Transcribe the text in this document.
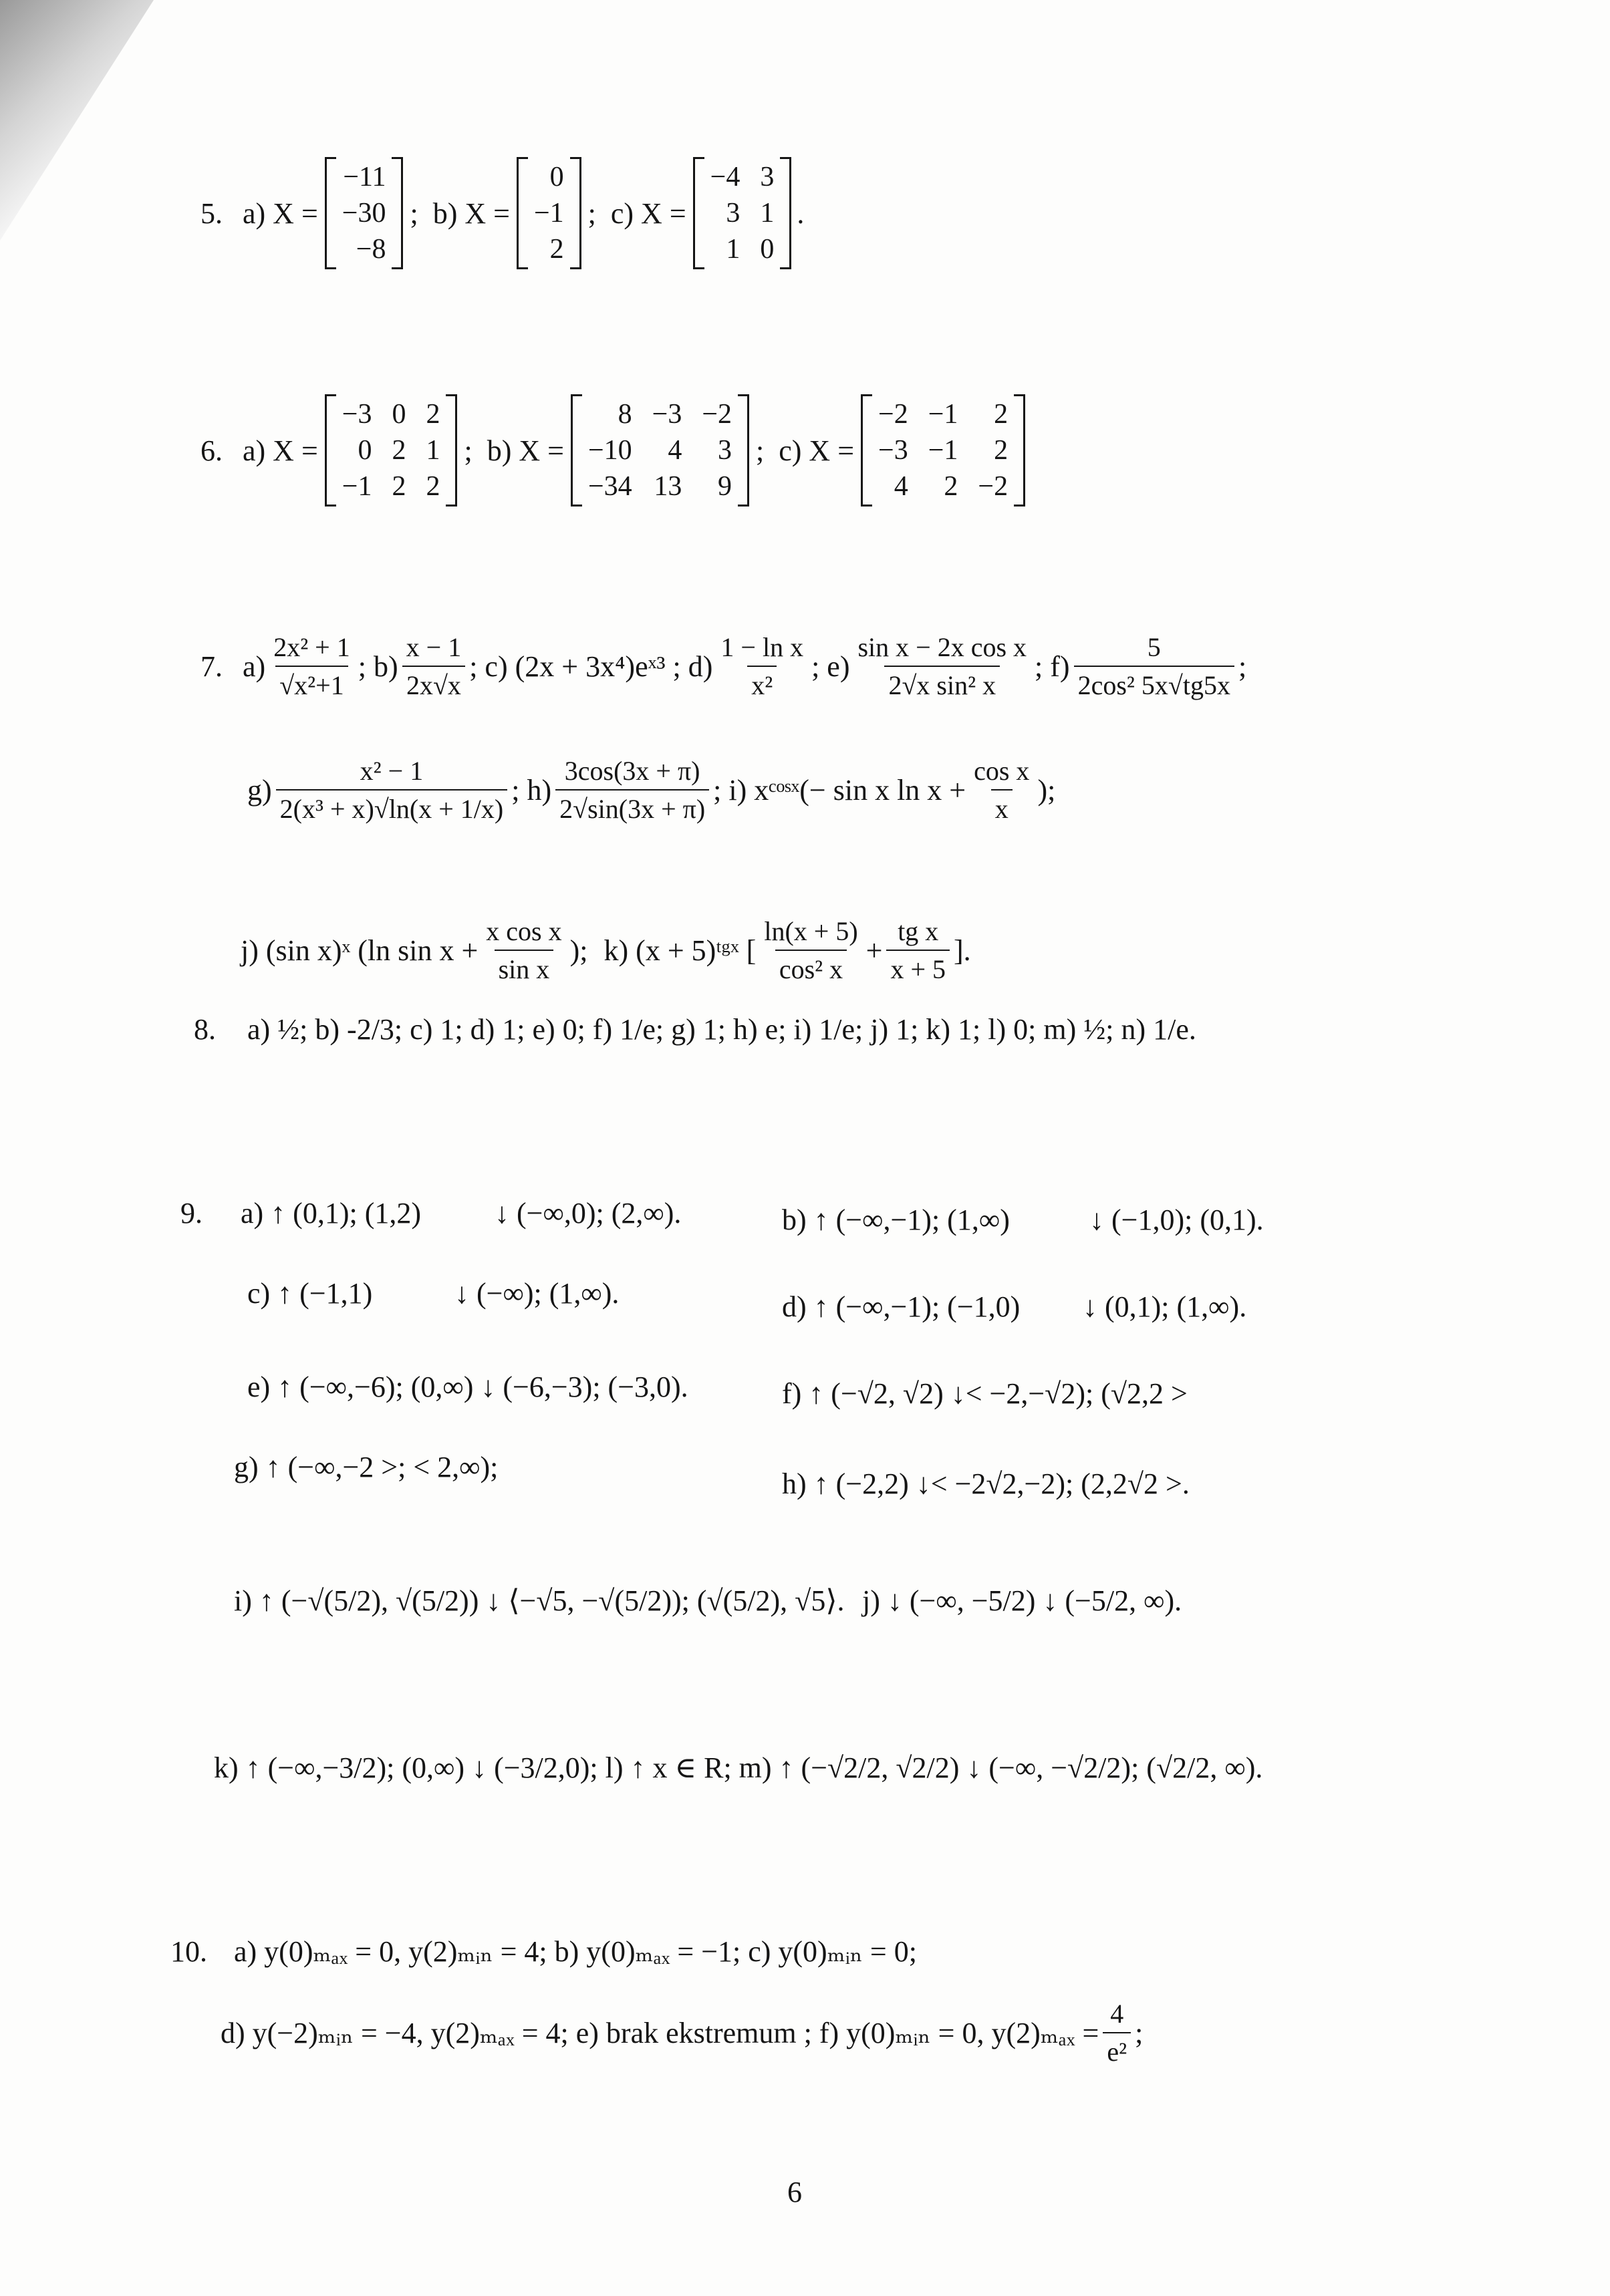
5. a) X =
−11
−30
−8
; b) X =
0
−1
2
; c) X =
−4 3
3 1
1 0
.
6. a) X =
−3 0 2
0 2 1
−1 2 2
; b) X =
8 −3 −2
−10	4	3
−34 13	9
; c) X =
−2 −1	2
−3 −1	2
4	2 −2
7. $a) \frac{\text{2x² + 1}}{\text{√x²+1}}$ ; $b) \frac{x - 1}{2x√x}$ ; c) (2x + 3x⁴)eˣ³ ; $d) \frac{\text{1 − ln x}}{\text{x²}}$ ; $e) \frac{\text{sin x − 2x cos x}}{\text{2√x sin² x}}$ ; $f) \frac{5}{\text{2cos² 5x√tg5x}}$ ;
$g) \frac{\text{x² − 1}}{\text{2(x³ + x)√ln(x + 1/x)}}$ ; $h) \frac{3\cos(3x + \pi)}{2√\sin(3x + \pi)}$ ; i) xᶜᵒˢˣ(− sin x $\ln x + \frac{\text{cos x}}{x}$ );
j) (sin x)ˣ (ln $\sin x + \frac{\text{x cos x}}{\text{sin x}}$ ); k) (x + 5)ᵗᵍˣ [ $\frac{\ln(x + 5)}{\text{cos² x}} + \frac{\text{tg x}}{x + 5}$ ].
8. a) ½; b) -2/3; c) 1; d) 1; e) 0; f) 1/e; g) 1; h) e; i) 1/e; j) 1; k) 1; l) 0; m) ½; n) 1/e.
9. a) ↑ (0,1); (1,2) ↓ (−∞,0); (2,∞).	b) ↑ (−∞,−1); (1,∞)	↓ (−1,0); (0,1).
c) ↑ (−1,1)	↓ (−∞); (1,∞).	d) ↑ (−∞,−1); (−1,0) ↓ (0,1); (1,∞).
e) ↑ (−∞,−6); (0,∞) ↓ (−6,−3); (−3,0).	f) ↑ (−√2, √2) ↓< −2,−√2); (√2,2 >
g) ↑ (−∞,−2 >; < 2,∞);
h) ↑ (−2,2) ↓< −2√2,−2); (2,2√2 >.
i) ↑ (−√(5/2), √(5/2)) ↓ ⟨−√5, −√(5/2)); (√(5/2), √5⟩. j) ↓ (−∞, −5/2) ↓ (−5/2, ∞).
k) ↑ (−∞,−3/2); (0,∞) ↓ (−3/2,0); l) ↑ x ∈ R; m) ↑ (−√2/2, √2/2) ↓ (−∞, −√2/2); (√2/2, ∞).
10. a) y(0)ₘₐₓ = 0, y(2)ₘᵢₙ = 4; b) y(0)ₘₐₓ = −1; c) y(0)ₘᵢₙ = 0;
d) y(−2)ₘᵢₙ = −4, y(2)ₘₐₓ = 4; e) brak ekstremum ; f) y(0)ₘᵢₙ = 0, $y(2)_{max} = \frac{4}{\text{e²}}$ ;
6
